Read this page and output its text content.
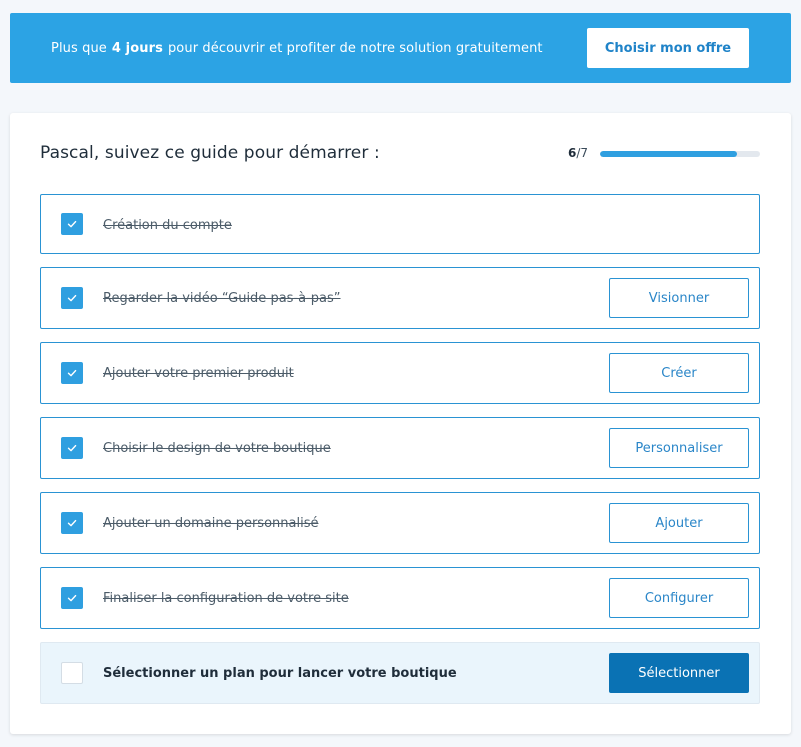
Plus que 4 jours pour découvrir et profiter de notre solution gratuitement	Choisir mon offre
Pascal, suivez ce guide pour démarrer :	6/7
Création du compte
Regarder la vidéo “Guide pas-à-pas”	Visionner
Ajouter votre premier produit	Créer
Choisir le design de votre boutique	Personnaliser
Ajouter un domaine personnalisé	Ajouter
Finaliser la configuration de votre site	Configurer
Sélectionner un plan pour lancer votre boutique	Sélectionner
